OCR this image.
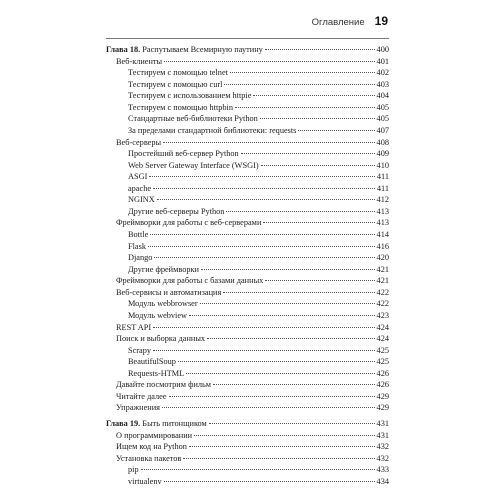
Оглавление 19
Глава 18. Распутываем Всемирную паутину	400
Веб-клиенты	401
Тестируем с помощью telnet	402
Тестируем с помощью curl	403
Тестируем с использованием httpie	404
Тестируем с помощью httpbin	405
Стандартные веб-библиотеки Python	405
За пределами стандартной библиотеки: requests	407
Веб-серверы	408
Простейший веб-сервер Python	409
Web Server Gateway Interface (WSGI)	410
ASGI	411
apache	411
NGINX	412
Другие веб-серверы Python	413
Фреймворки для работы с веб-серверами	413
Bottle	414
Flask	416
Django	420
Другие фреймворки	421
Фреймворки для работы с базами данных	421
Веб-сервисы и автоматизация	422
Модуль webbrowser	422
Модуль webview	423
REST API	424
Поиск и выборка данных	424
Scrapy	425
BeautifulSoup	425
Requests-HTML	426
Давайте посмотрим фильм	426
Читайте далее	429
Упражнения	429
Глава 19. Быть питонщиком	431
О программировании	431
Ищем код на Python	432
Установка пакетов	432
pip	433
virtualenv	434
